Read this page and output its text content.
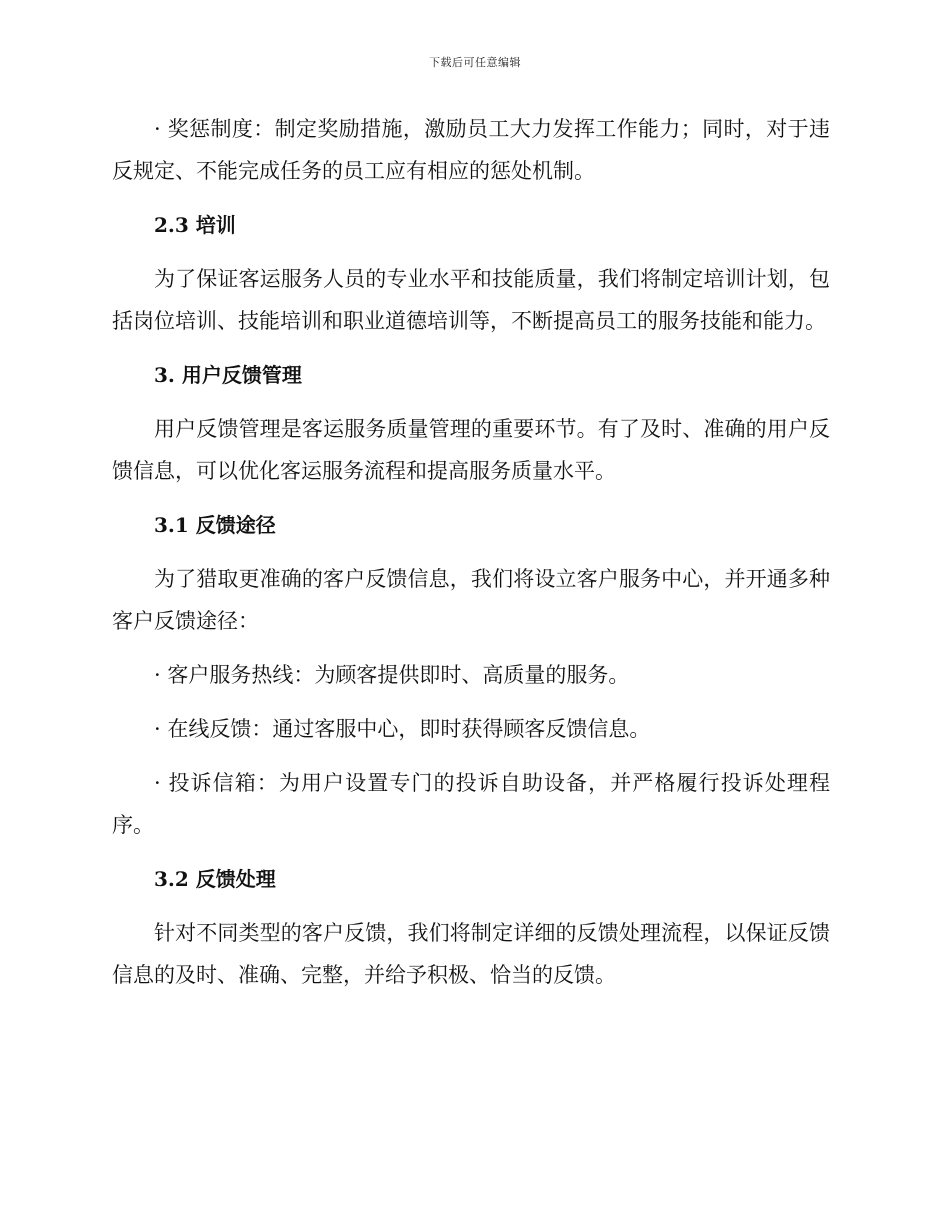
下载后可任意编辑

· 奖惩制度：制定奖励措施，激励员工大力发挥工作能力；同时，对于违反规定、不能完成任务的员工应有相应的惩处机制。

2.3 培训

为了保证客运服务人员的专业水平和技能质量，我们将制定培训计划，包括岗位培训、技能培训和职业道德培训等，不断提高员工的服务技能和能力。

3. 用户反馈管理

用户反馈管理是客运服务质量管理的重要环节。有了及时、准确的用户反馈信息，可以优化客运服务流程和提高服务质量水平。

3.1 反馈途径

为了猎取更准确的客户反馈信息，我们将设立客户服务中心，并开通多种客户反馈途径：

· 客户服务热线：为顾客提供即时、高质量的服务。

· 在线反馈：通过客服中心，即时获得顾客反馈信息。

· 投诉信箱：为用户设置专门的投诉自助设备，并严格履行投诉处理程序。

3.2 反馈处理

针对不同类型的客户反馈，我们将制定详细的反馈处理流程，以保证反馈信息的及时、准确、完整，并给予积极、恰当的反馈。
